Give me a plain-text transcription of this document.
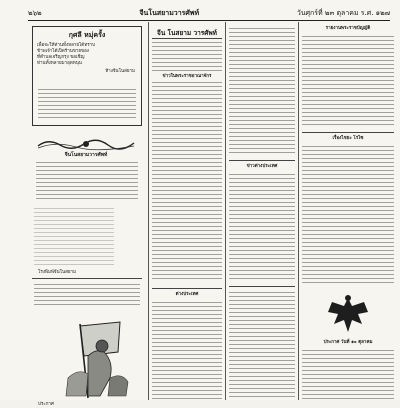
๒๖๒	จีนโนสยามวารศัพท์	วันศุกร์ที่ ๒๓ ตุลาคม ร.ศ. ๑๒๗
กุศลี หมุ่ครั้ง
เพื่อจะให้ท่านทั้งหลายได้ทราบ
ข้าพเจ้าได้เปิดร้านขายของ
ที่ตำบลเจริญกรุง ขอเชิญ
ท่านทั้งหลายมาอุดหนุน
ห้างจีนโนสยาม
จีนโนสยามวารศัพท์
โรงพิมพ์จีนโนสยาม
ประกาศ
จีน โนสยาม วารศัพท์
ข่าวในพระราชอาณาจักร
ต่างประเทศ
ข่าวต่างประเทศ
รายงานพระราชบัญญัติ
เรื่องไชยะ โรไซ
ประกาศ วันที่ ๑๐ ตุลาคม
